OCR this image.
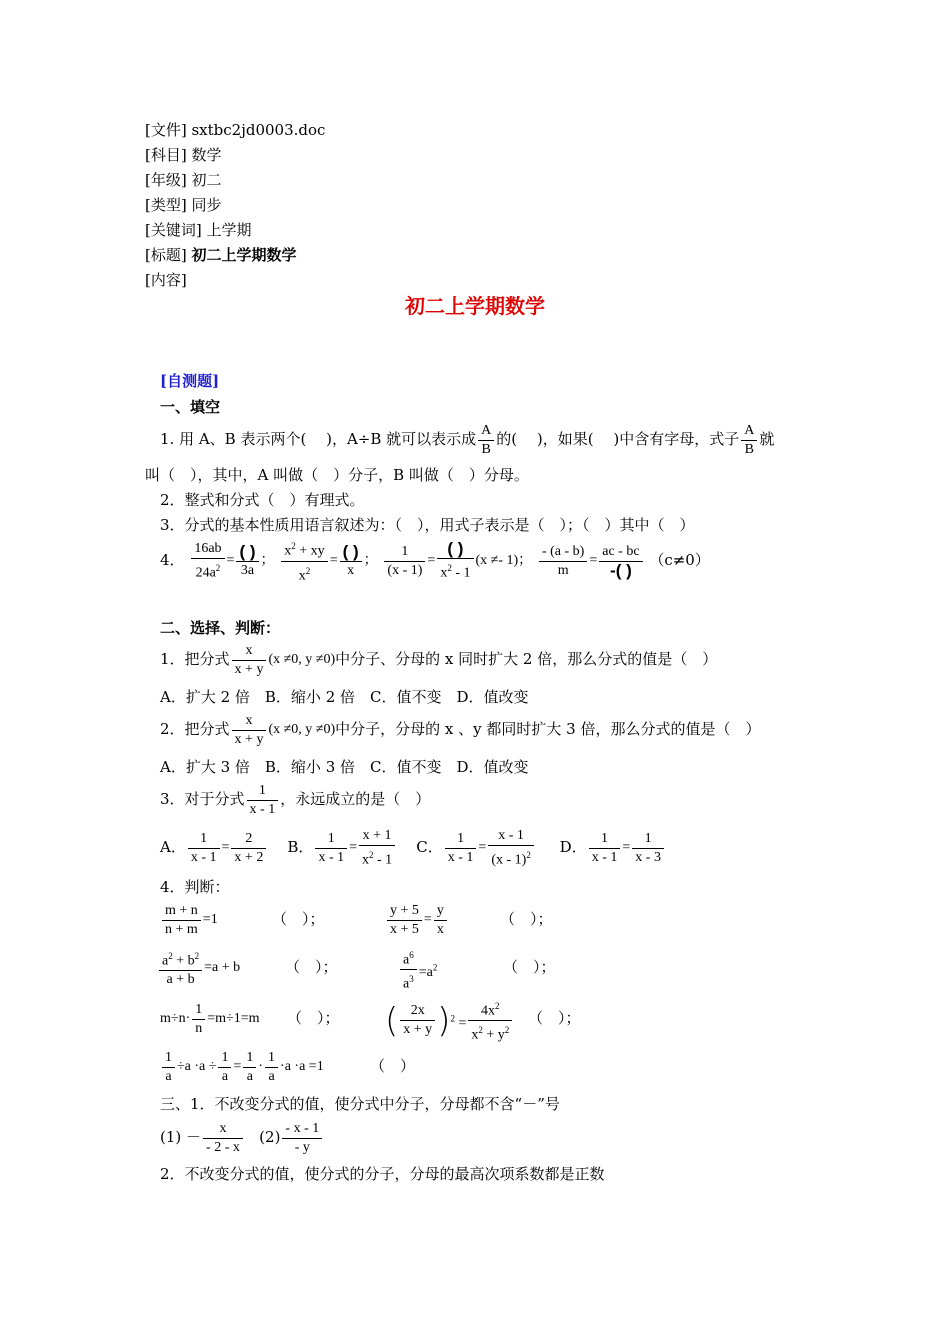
[文件] sxtbc2jd0003.doc
[科目] 数学
[年级] 初二
[类型] 同步
[关键词] 上学期
[标题] 初二上学期数学
[内容]
初二上学期数学
[自测题]
一、填空
1. 用 A、B 表示两个(　 )，A÷B 就可以表示成 $\frac{A}{B}$ 的(　 )，如果(　 )中含有字母，式子 $\frac{A}{B}$ 就
叫（　），其中，A 叫做（　）分子，B 叫做（　）分母。
2．整式和分式（　）有理式。
3．分式的基本性质用语言叙述为：（　），用式子表示是（　）；（　）其中（　）
4． $\frac{16ab}{24a^2} = \frac{( )}{3a}$ ； $\frac{x^2 + xy}{x^2} = \frac{( )}{x}$ ； $\frac{1}{(x - 1)} = \frac{( )}{x^2 - 1} (x \ne- 1)$； $\frac{- (a - b)}{m} = \frac{ac - bc}{-( )} (c\ne 0)$
二、选择、判断：
1．把分式 $\frac{x}{x + y} (x \ne 0$, y ≠0)中分子、分母的 x 同时扩大 2 倍，那么分式的值是（　）
A．扩大 2 倍　B．缩小 2 倍　C．值不变　D．值改变
2．把分式 $\frac{x}{x + y} (x \ne 0$, y ≠0)中分子，分母的 x 、y 都同时扩大 3 倍，那么分式的值是（　）
A．扩大 3 倍　B．缩小 3 倍　C．值不变　D．值改变
3．对于分式 $\frac{1}{x - 1}$ ，永远成立的是（　）
A． $\frac{1}{x - 1} = \frac{2}{x + 2}$ B． $\frac{1}{x - 1} = \frac{x + 1}{x^2 - 1}$ C． $\frac{1}{x - 1} = \frac{x - 1}{(x - 1)^2}$ D． $\frac{1}{x - 1} = \frac{1}{x - 3}$
4．判断：
$\frac{m + n}{n + m} =1$	（　）；	$\frac{y + 5}{x + 5} = \frac{y}{x}$	（　）；
$\frac{a^2 + b^2}{a + b} =a + b$	（　）；	$\frac{a^6}{a^3} =a^2$	（　）；
$m\div n\cdot \frac{1}{n} =m\div 1=m$ （　）； ( $\frac{2x}{x + y} )^2 = \frac{4x^2}{x^2 + y^2}$ （　）；
$\frac{1}{a} \div a \cdot a \div \frac{1}{a} = \frac{1}{a} \cdot \frac{1}{a} \cdot a \cdot a =1$	（　）
三、1．不改变分式的值，使分式中分子，分母都不含“－”号
$(1) - \frac{x}{- 2 - x} (2) \frac{- x - 1}{- y}$
2．不改变分式的值，使分式的分子，分母的最高次项系数都是正数
